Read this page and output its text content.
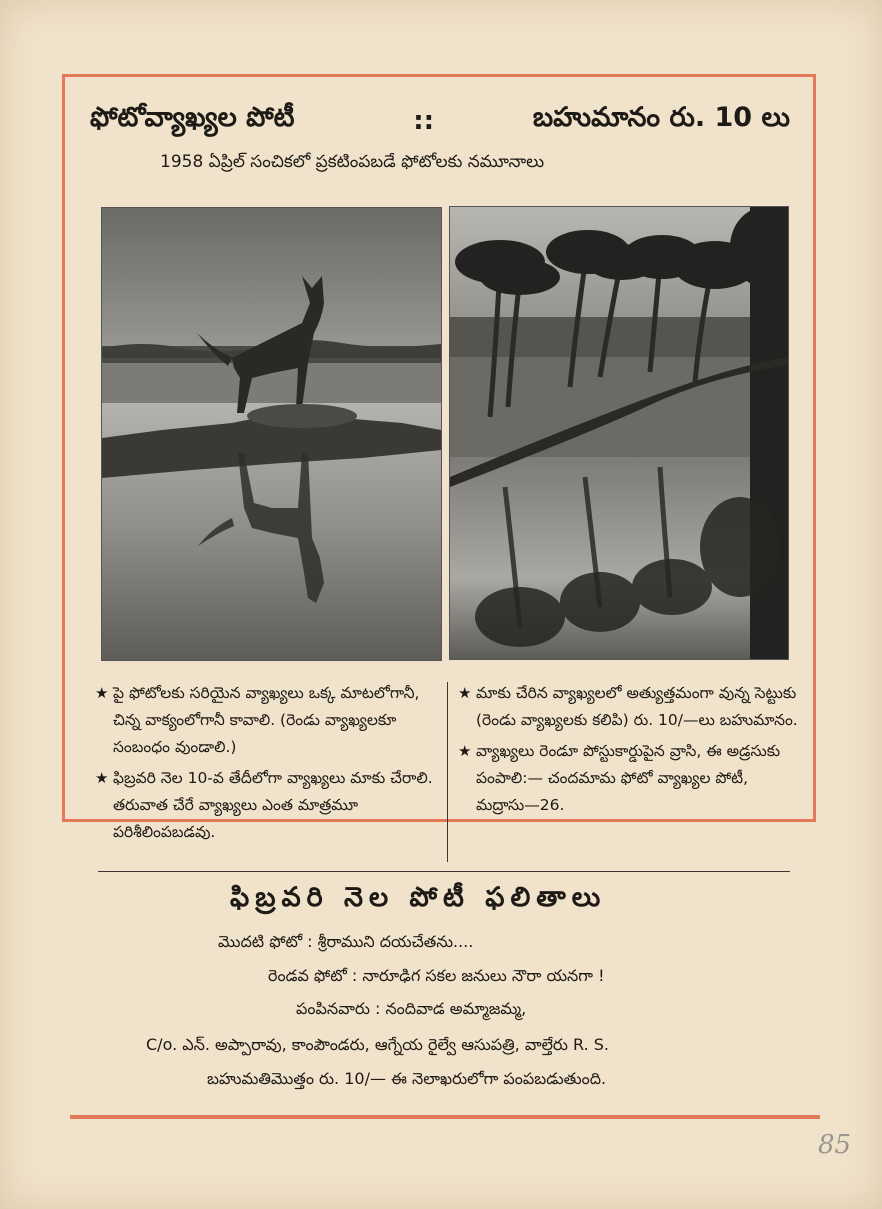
ఫోటోవ్యాఖ్యల పోటీ	::	బహుమానం రు. 10 లు
1958 ఏప్రిల్ సంచికలో ప్రకటింపబడే ఫోటోలకు నమూనాలు
★ పై ఫోటోలకు సరియైన వ్యాఖ్యలు ఒక్క మాటలోగానీ, చిన్న వాక్యంలోగానీ కావాలి. (రెండు వ్యాఖ్యలకూ సంబంధం వుండాలి.)
★ ఫిబ్రవరి నెల 10-వ తేదీలోగా వ్యాఖ్యలు మాకు చేరాలి. తరువాత చేరే వ్యాఖ్యలు ఎంత మాత్రమూ పరిశీలింపబడవు.
★ మాకు చేరిన వ్యాఖ్యలలో అత్యుత్తమంగా వున్న సెట్టుకు (రెండు వ్యాఖ్యలకు కలిపి) రు. 10/—లు బహుమానం.
★ వ్యాఖ్యలు రెండూ పోస్టుకార్డుపైన వ్రాసి, ఈ అడ్రసుకు పంపాలి:— చందమామ ఫోటో వ్యాఖ్యల పోటీ, మద్రాసు—26.
ఫిబ్రవరి నెల పోటీ ఫలితాలు
మొదటి ఫోటో : శ్రీరాముని దయచేతను....
రెండవ ఫోటో : నారూఢిగ సకల జనులు నౌరా యనగా !
పంపినవారు : నందివాడ అమ్మాజమ్మ,
C/o. ఎన్. అప్పారావు, కాంపౌండరు, ఆగ్నేయ రైల్వే ఆసుపత్రి, వాల్తేరు R. S.
బహుమతిమొత్తం రు. 10/— ఈ నెలాఖరులోగా పంపబడుతుంది.
85
